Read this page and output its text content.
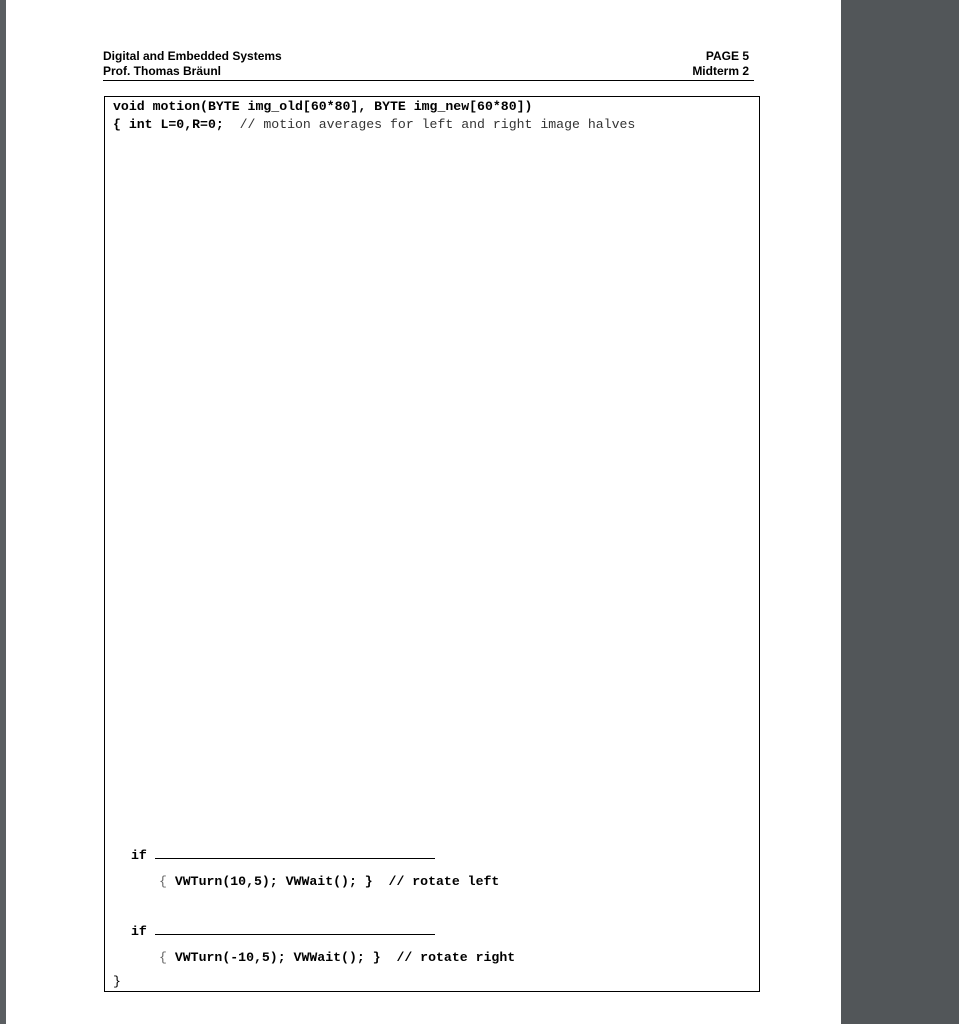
Digital and Embedded Systems	PAGE 5
Prof. Thomas Bräunl	Midterm 2
void motion(BYTE img_old[60*80], BYTE img_new[60*80])
{ int L=0,R=0; // motion averages for left and right image halves
if
{ VWTurn(10,5); VWWait(); } // rotate left
if
{ VWTurn(-10,5); VWWait(); } // rotate right
}
